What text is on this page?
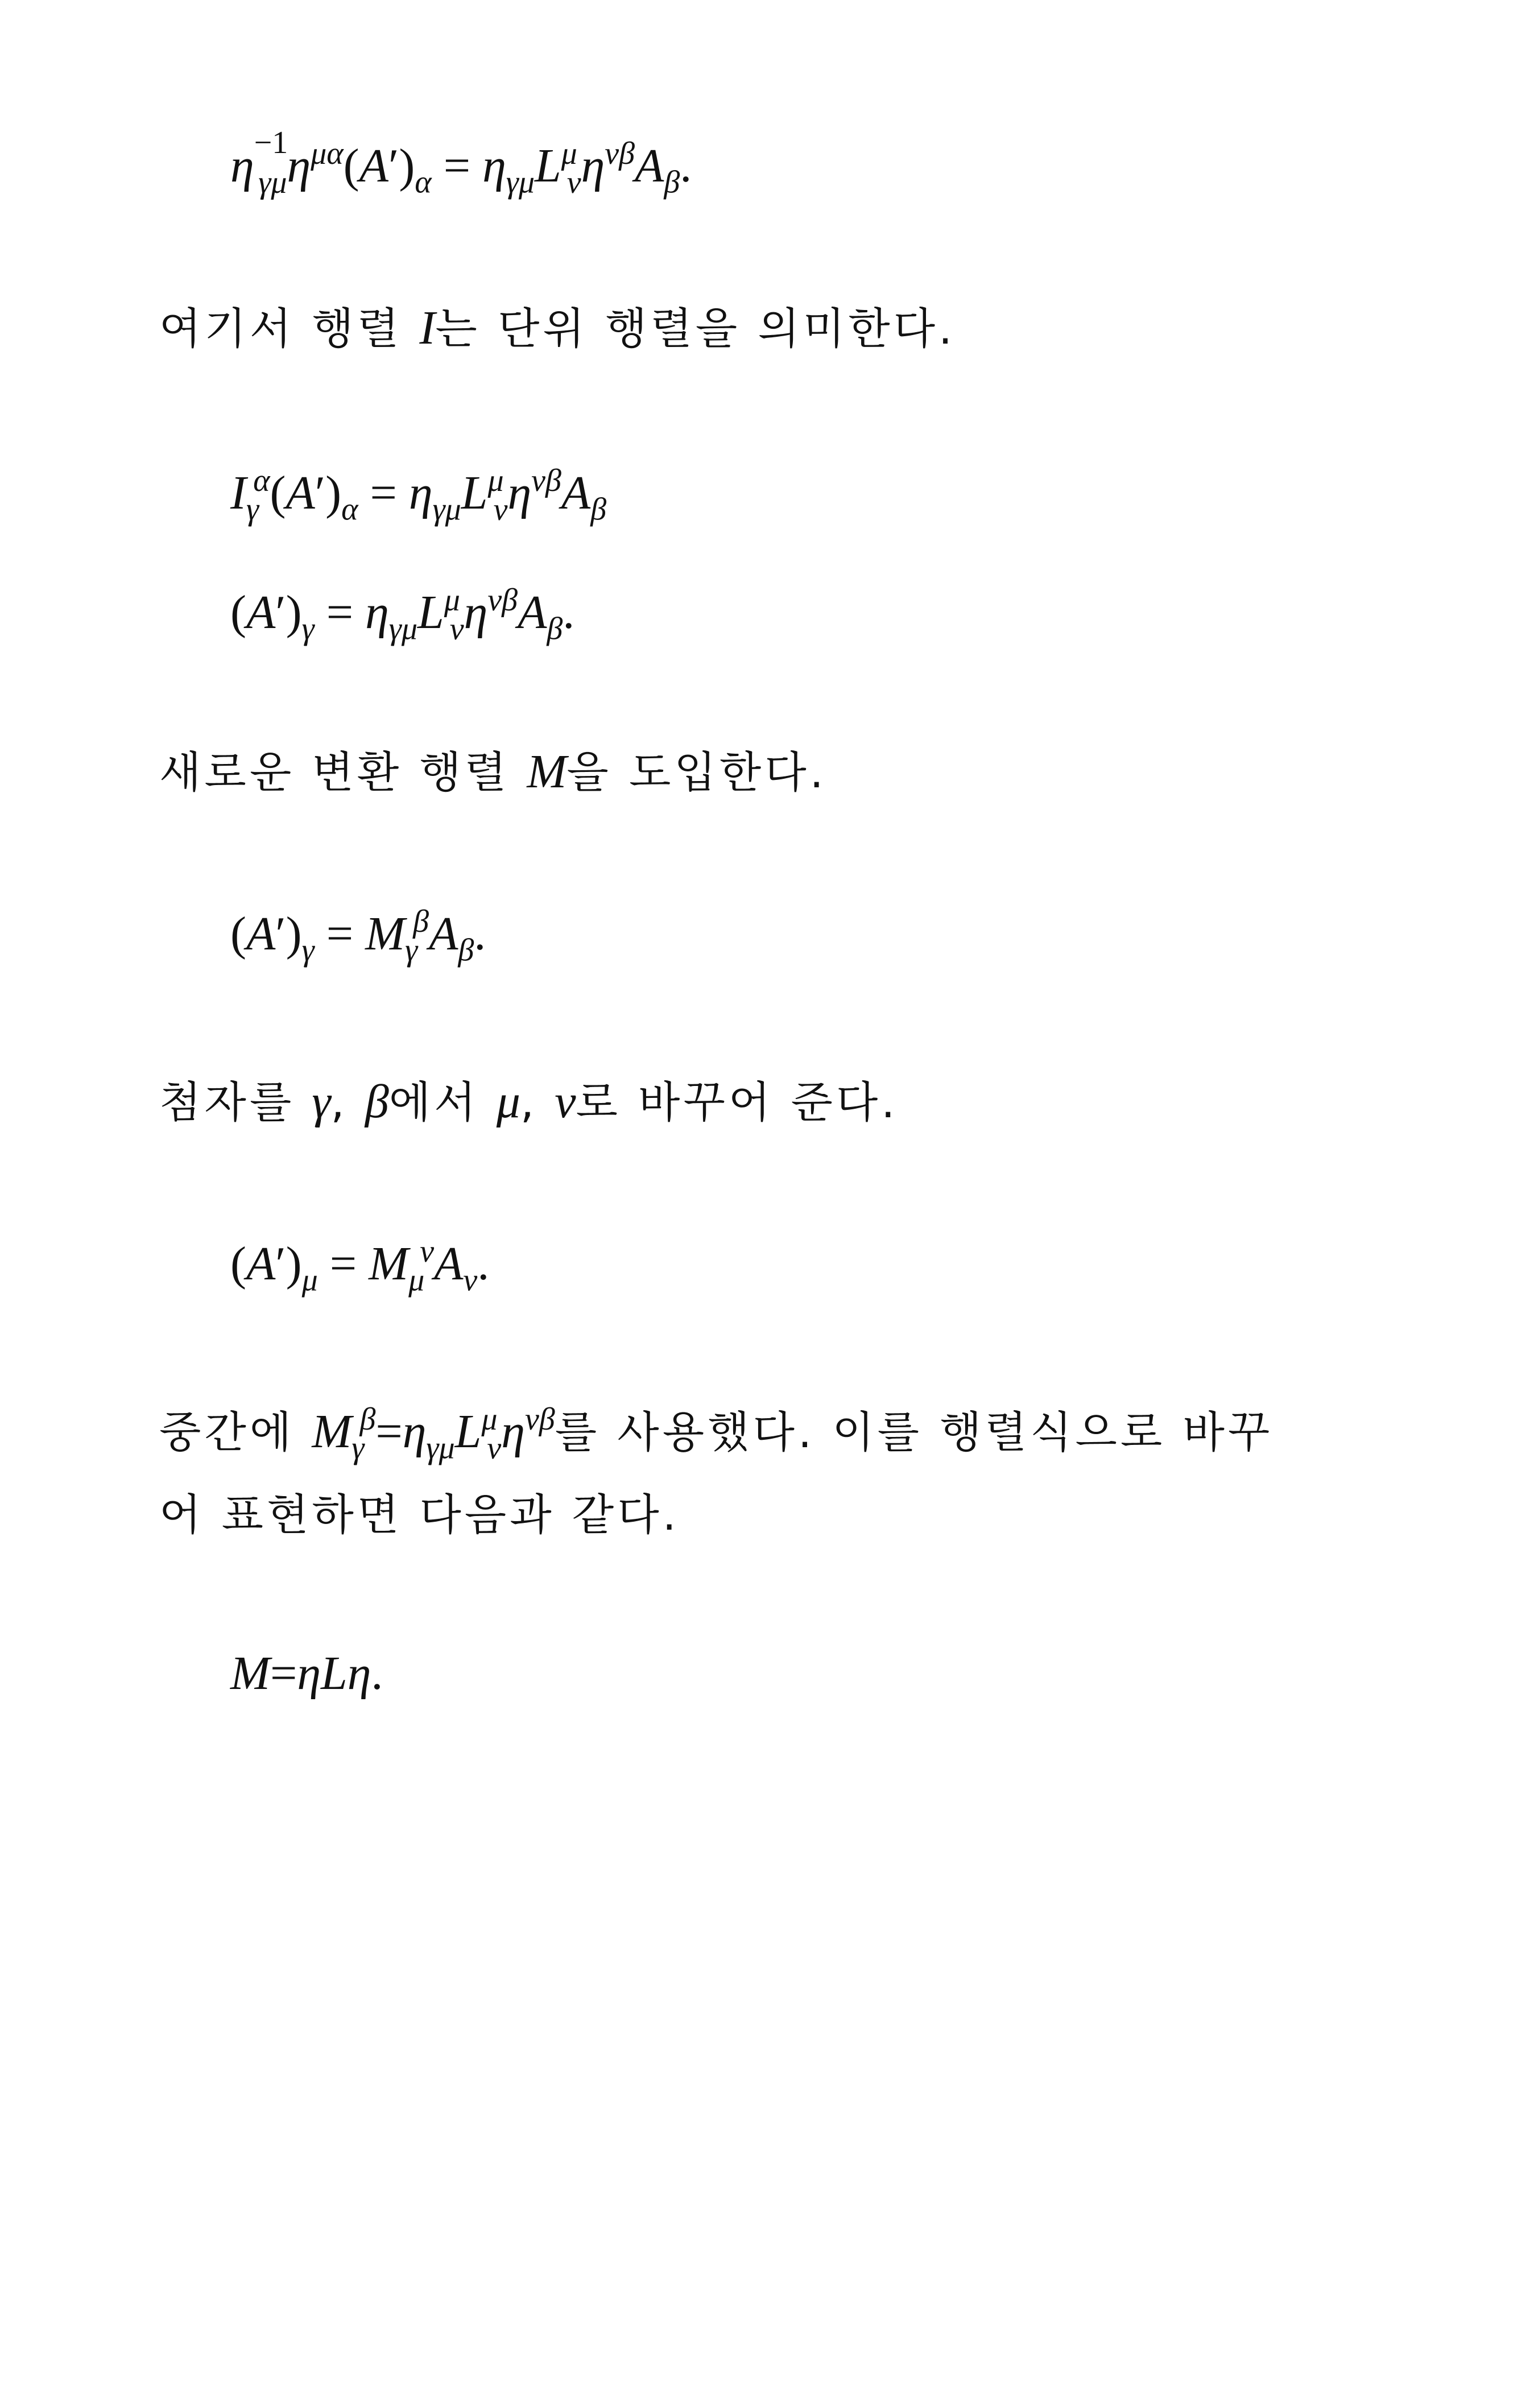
$\eta^{-1}_{\gamma\mu}\eta^{\mu\alpha}(A')_\alpha = \eta_{\gamma\mu}L^\mu_\nu\eta^{\nu\beta}A_\beta$.
여기서 행렬 I는 단위 행렬을 의미한다.
$I_\gamma^\alpha(A')_\alpha = \eta_{\gamma\mu}L^\mu_\nu\eta^{\nu\beta}A_\beta$
$(A')_\gamma = \eta_{\gamma\mu}L^\mu_\nu\eta^{\nu\beta}A_\beta$.
새로운 변환 행렬 M을 도입한다.
$(A')_\gamma = M_\gamma^\beta A_\beta$.
첨자를 γ, β에서 μ, ν로 바꾸어 준다.
$(A')_\mu = M_\mu^\nu A_\nu$.
중간에 $M_\gamma^\beta=\eta_{\gamma\mu}L^\mu_\nu\eta^{\nu\beta}$를 사용했다. 이를 행렬식으로 바꾸
어 표현하면 다음과 같다.
M=ηLη.
